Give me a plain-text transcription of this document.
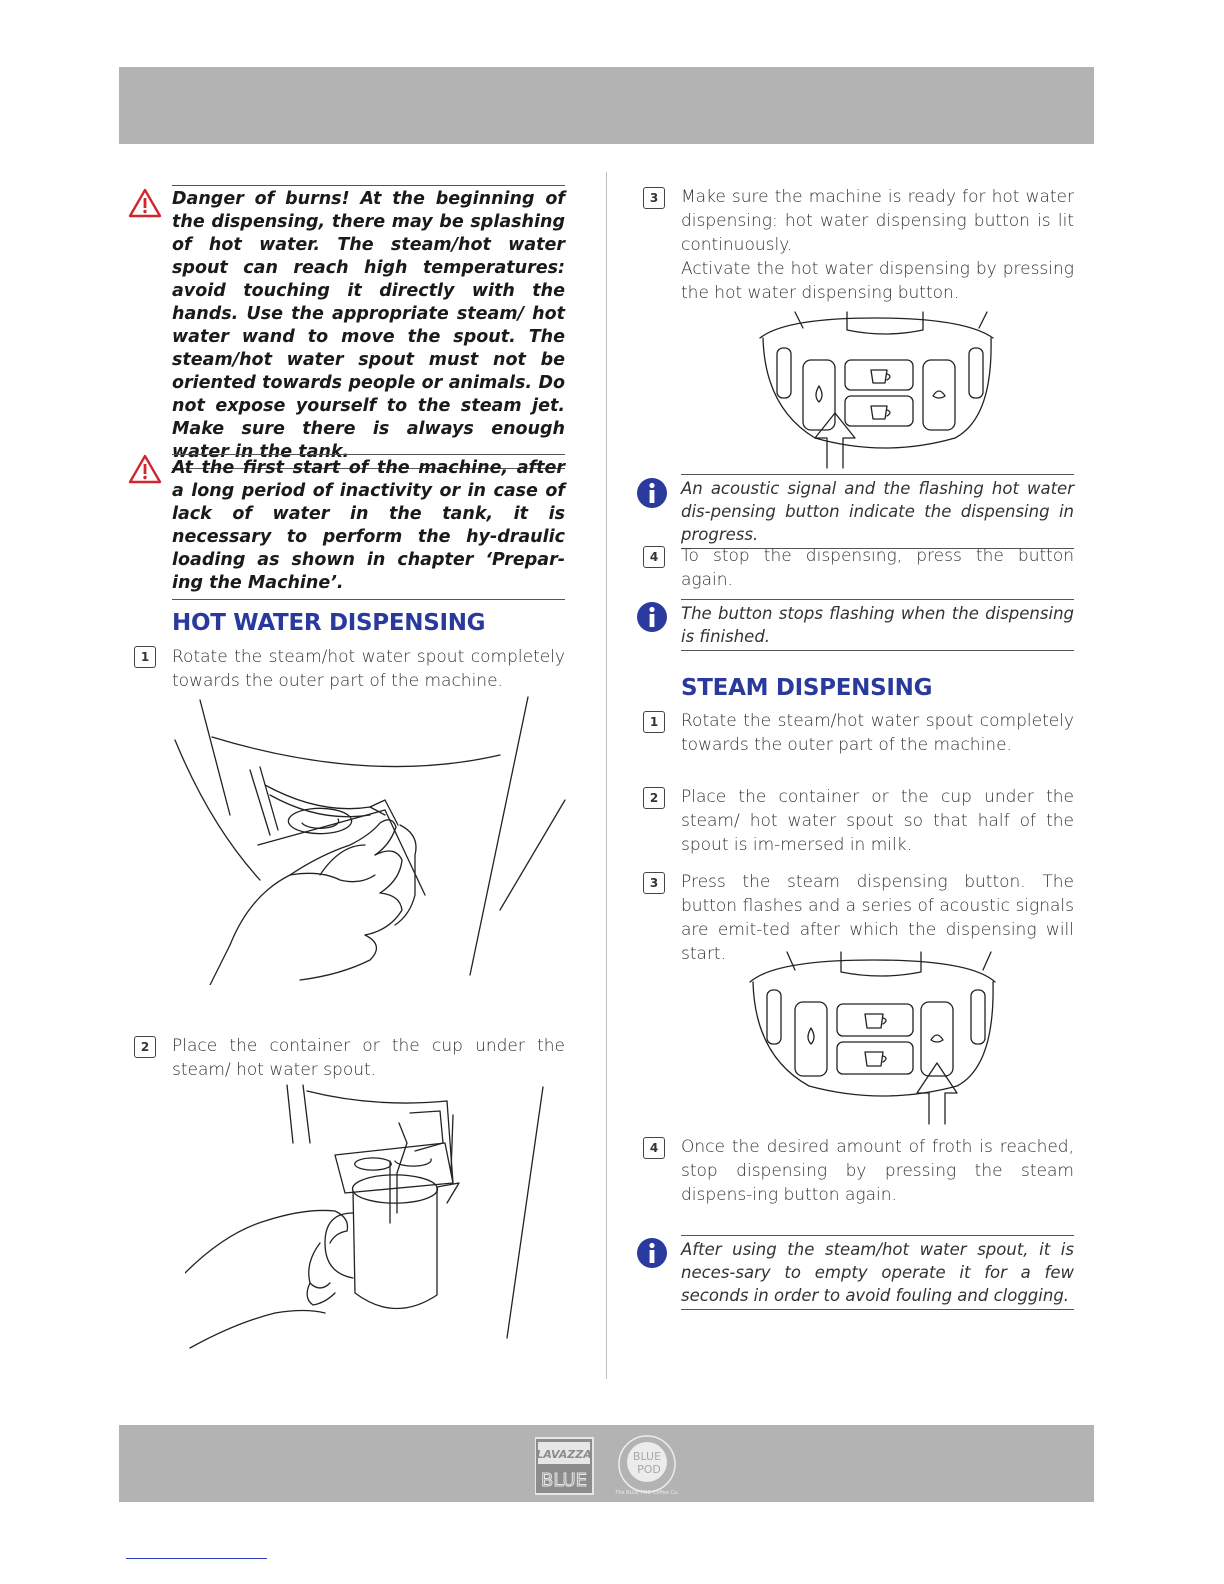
Danger of burns! At the beginning of the dispensing, there may be splashing of hot water. The steam/hot water spout can reach high temperatures: avoid touching it directly with the hands. Use the appropriate steam/ hot water wand to move the spout. The steam/hot water spout must not be oriented towards people or animals. Do not expose yourself to the steam jet. Make sure there is always enough water in the tank.

At the first start of the machine, after a long period of inactivity or in case of lack of water in the tank, it is necessary to perform the hy-draulic loading as shown in chapter ‘Prepar-ing the Machine’.

HOT WATER DISPENSING
1	Rotate the steam/hot water spout completely towards the outer part of the machine.

2	Place the container or the cup under the steam/ hot water spout.

3	Make sure the machine is ready for hot water dispensing: hot water dispensing button is lit continuously.

Activate the hot water dispensing by pressing the hot water dispensing button.

An acoustic signal and the flashing hot water dis-pensing button indicate the dispensing in progress.

4	To stop the dispensing, press the button again.

The button stops flashing when the dispensing is finished.

STEAM DISPENSING
1	Rotate the steam/hot water spout completely towards the outer part of the machine.

2	Place the container or the cup under the steam/ hot water spout so that half of the spout is im-mersed in milk.

3	Press the steam dispensing button. The button flashes and a series of acoustic signals are emit-ted after which the dispensing will start.

4	Once the desired amount of froth is reached, stop dispensing by pressing the steam dispens-ing button again.

After using the steam/hot water spout, it is neces-sary to empty operate it for a few seconds in order to avoid fouling and clogging.

LAVAZZA
BLUE
BLUE
POD
The BLUE POD Coffee Co.
